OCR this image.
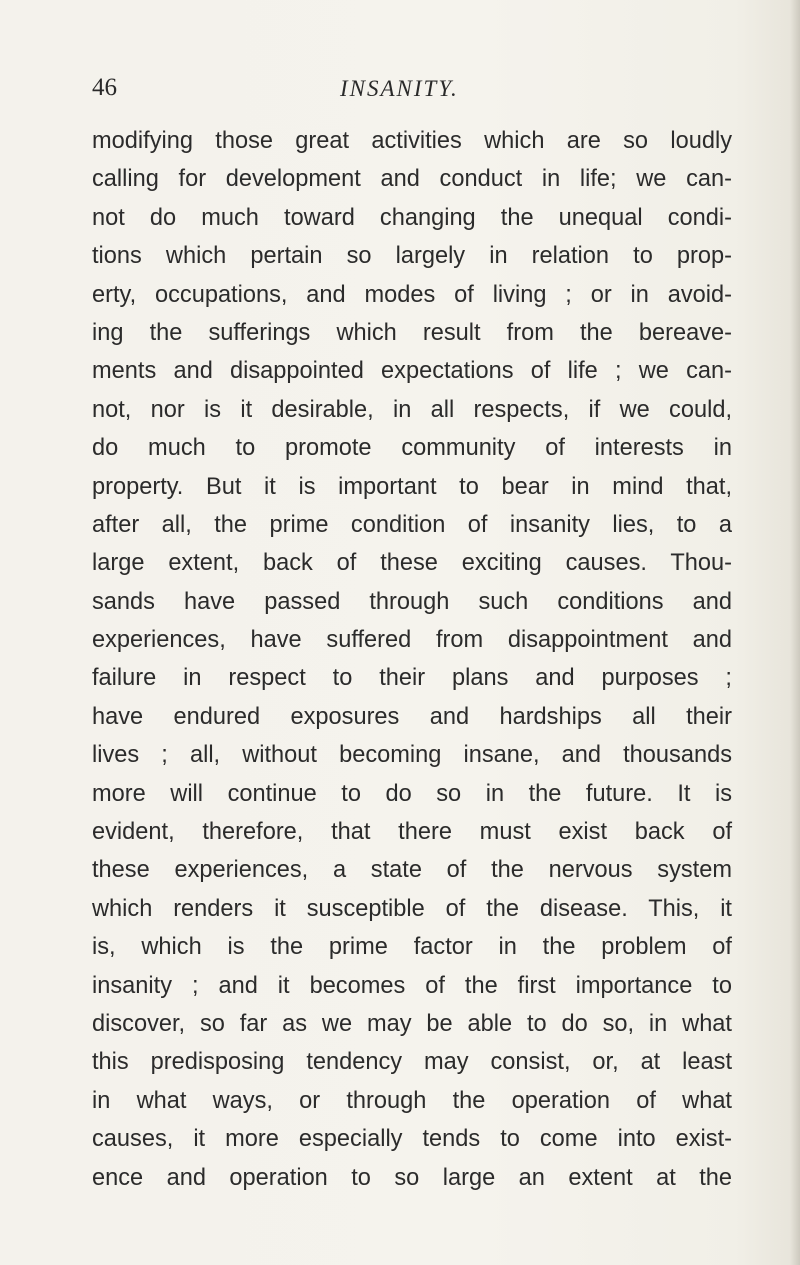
46	INSANITY.
modifying those great activities which are so loudly
calling for development and conduct in life; we can-
not do much toward changing the unequal condi-
tions which pertain so largely in relation to prop-
erty, occupations, and modes of living ; or in avoid-
ing the sufferings which result from the bereave-
ments and disappointed expectations of life ; we can-
not, nor is it desirable, in all respects, if we could,
do much to promote community of interests in
property. But it is important to bear in mind that,
after all, the prime condition of insanity lies, to a
large extent, back of these exciting causes. Thou-
sands have passed through such conditions and
experiences, have suffered from disappointment and
failure in respect to their plans and purposes ;
have endured exposures and hardships all their
lives ; all, without becoming insane, and thousands
more will continue to do so in the future. It is
evident, therefore, that there must exist back of
these experiences, a state of the nervous system
which renders it susceptible of the disease. This, it
is, which is the prime factor in the problem of
insanity ; and it becomes of the first importance to
discover, so far as we may be able to do so, in what
this predisposing tendency may consist, or, at least
in what ways, or through the operation of what
causes, it more especially tends to come into exist-
ence and operation to so large an extent at the
